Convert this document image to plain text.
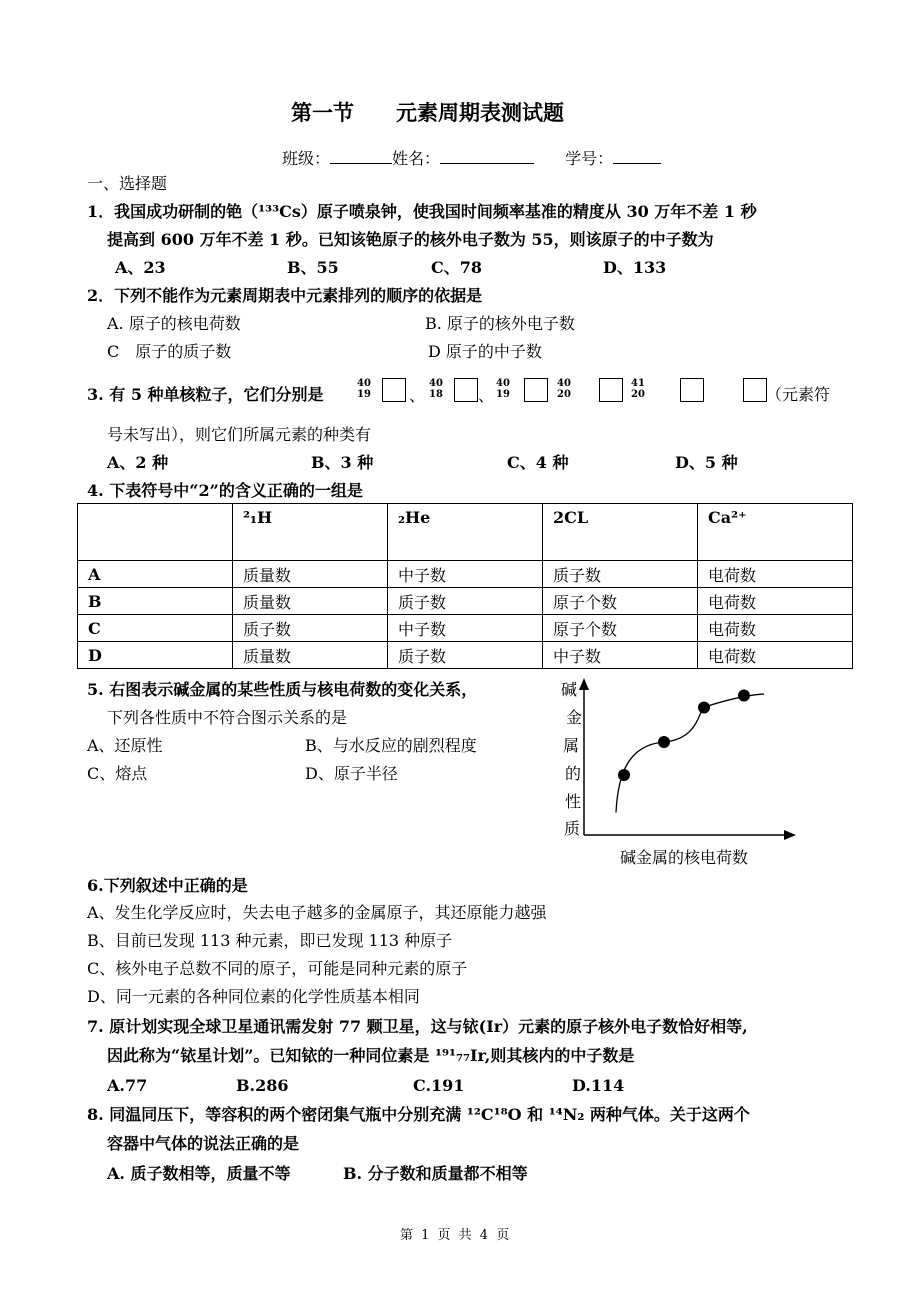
第一节　　元素周期表测试题
班级：	姓名：	学号：
一、选择题
1．我国成功研制的铯（¹³³Cs）原子喷泉钟，使我国时间频率基准的精度从 30 万年不差 1 秒
提高到 600 万年不差 1 秒。已知该铯原子的核外电子数为 55，则该原子的中子数为
A、23	B、55	C、78	D、133
2．下列不能作为元素周期表中元素排列的顺序的依据是
A. 原子的核电荷数	B. 原子的核外电子数
C　原子的质子数	D 原子的中子数
3. 有 5 种单核粒子，它们分别是
40
19 、
40
18 、
40
19
40
20
41
20	（元素符
号未写出），则它们所属元素的种类有
A、2 种	B、3 种	C、4 种	D、5 种
4. 下表符号中“2”的含义正确的一组是
	²₁H	₂He	2CL	Ca²⁺
A	质量数	中子数	质子数	电荷数
B	质量数	质子数	原子个数	电荷数
C	质子数	中子数	原子个数	电荷数
D	质量数	质子数	中子数	电荷数
5. 右图表示碱金属的某些性质与核电荷数的变化关系，
下列各性质中不符合图示关系的是
A、还原性	B、与水反应的剧烈程度
C、熔点	D、原子半径
碱
金
属
的
性
质
碱金属的核电荷数
6.下列叙述中正确的是
A、发生化学反应时，失去电子越多的金属原子，其还原能力越强
B、目前已发现 113 种元素，即已发现 113 种原子
C、核外电子总数不同的原子，可能是同种元素的原子
D、同一元素的各种同位素的化学性质基本相同
7. 原计划实现全球卫星通讯需发射 77 颗卫星，这与铱(Ir）元素的原子核外电子数恰好相等,
因此称为“铱星计划”。已知铱的一种同位素是 ¹⁹¹₇₇Ir,则其核内的中子数是
A.77	B.286	C.191	D.114
8. 同温同压下，等容积的两个密闭集气瓶中分别充满 ¹²C¹⁸O 和 ¹⁴N₂ 两种气体。关于这两个
容器中气体的说法正确的是
A. 质子数相等，质量不等	B. 分子数和质量都不相等
第 1 页 共 4 页
